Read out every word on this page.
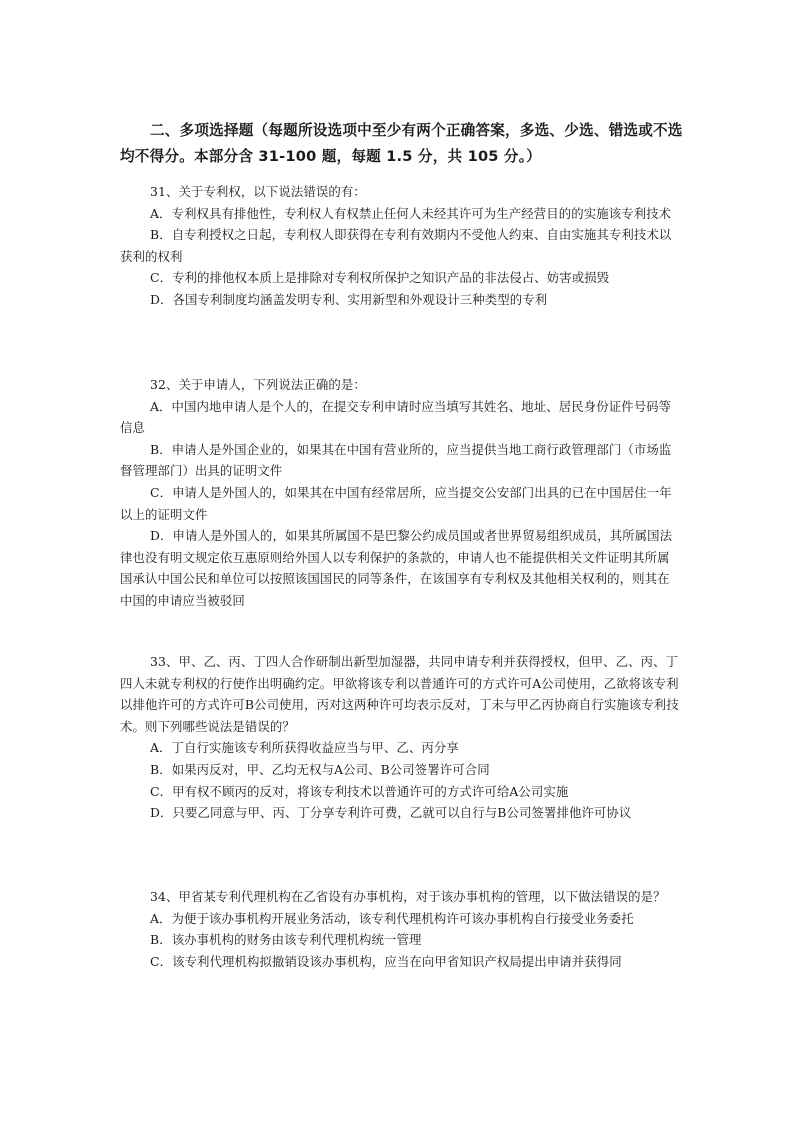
二、多项选择题（每题所设选项中至少有两个正确答案，多选、少选、错选或不选均不得分。本部分含 31-100 题，每题 1.5 分，共 105 分。）

31、关于专利权，以下说法错误的有：

A．专利权具有排他性，专利权人有权禁止任何人未经其许可为生产经营目的的实施该专利技术

B．自专利授权之日起，专利权人即获得在专利有效期内不受他人约束、自由实施其专利技术以获利的权利

C．专利的排他权本质上是排除对专利权所保护之知识产品的非法侵占、妨害或损毁

D．各国专利制度均涵盖发明专利、实用新型和外观设计三种类型的专利

32、关于申请人，下列说法正确的是：

A．中国内地申请人是个人的，在提交专利申请时应当填写其姓名、地址、居民身份证件号码等信息

B．申请人是外国企业的，如果其在中国有营业所的，应当提供当地工商行政管理部门（市场监督管理部门）出具的证明文件

C．申请人是外国人的，如果其在中国有经常居所，应当提交公安部门出具的已在中国居住一年以上的证明文件

D．申请人是外国人的，如果其所属国不是巴黎公约成员国或者世界贸易组织成员，其所属国法律也没有明文规定依互惠原则给外国人以专利保护的条款的，申请人也不能提供相关文件证明其所属国承认中国公民和单位可以按照该国国民的同等条件，在该国享有专利权及其他相关权利的，则其在中国的申请应当被驳回

33、甲、乙、丙、丁四人合作研制出新型加湿器，共同申请专利并获得授权，但甲、乙、丙、丁四人未就专利权的行使作出明确约定。甲欲将该专利以普通许可的方式许可A公司使用，乙欲将该专利以排他许可的方式许可B公司使用，丙对这两种许可均表示反对，丁未与甲乙丙协商自行实施该专利技术。则下列哪些说法是错误的？

A．丁自行实施该专利所获得收益应当与甲、乙、丙分享

B．如果丙反对，甲、乙均无权与A公司、B公司签署许可合同

C．甲有权不顾丙的反对，将该专利技术以普通许可的方式许可给A公司实施

D．只要乙同意与甲、丙、丁分享专利许可费，乙就可以自行与B公司签署排他许可协议

34、甲省某专利代理机构在乙省设有办事机构，对于该办事机构的管理，以下做法错误的是？

A．为便于该办事机构开展业务活动，该专利代理机构许可该办事机构自行接受业务委托

B．该办事机构的财务由该专利代理机构统一管理

C．该专利代理机构拟撤销设该办事机构，应当在向甲省知识产权局提出申请并获得同
